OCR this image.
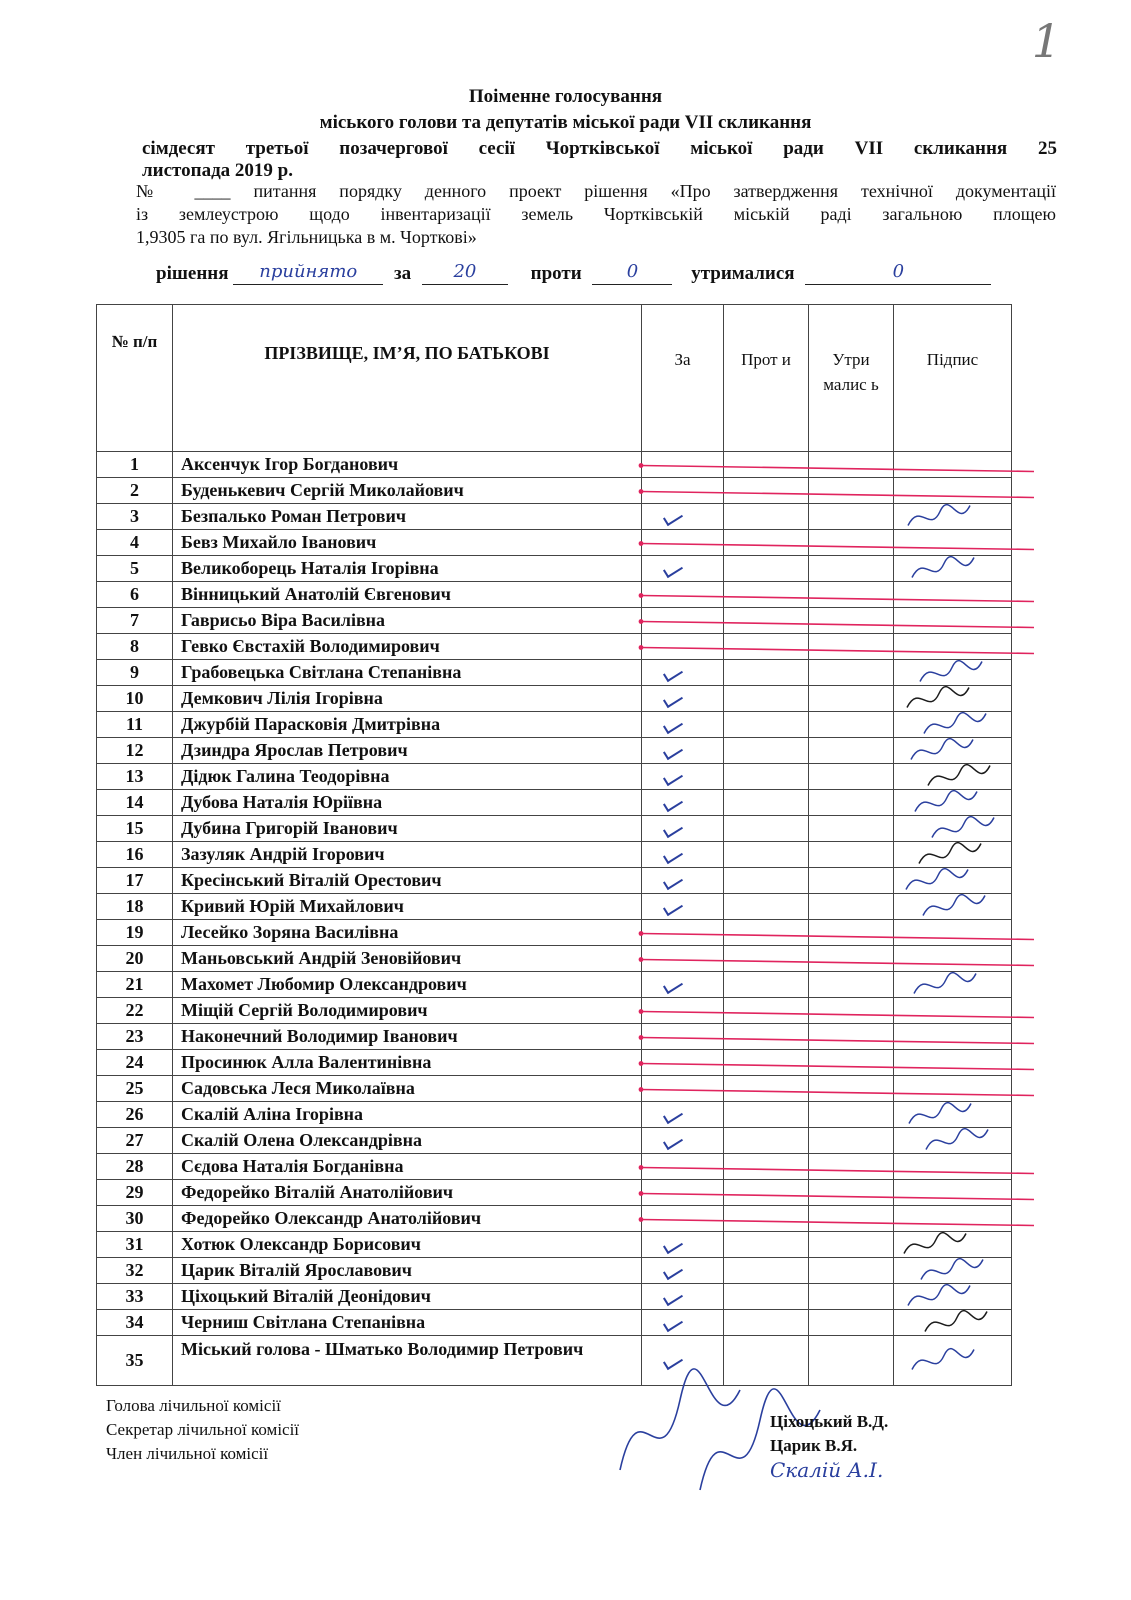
1
Поіменне голосування
міського голови та депутатів міської ради VII скликання
сімдесят третьої позачергової сесії Чортківської міської ради VII скликання 25
листопада 2019 р.
№ ____ питання порядку денного проект рішення «Про затвердження технічної документації
із землеустрою щодо інвентаризації земель Чортківській міській раді загальною площею
1,9305 га по вул. Ягільницька в м. Чорткові»
рішення прийнято за 20	проти	0	утрималися	0
№ п/п	ПРІЗВИЩЕ, ІМ’Я, ПО БАТЬКОВІ	За	Прот и	Утри малис ь	Підпис
1	Аксенчук Ігор Богданович				
2	Буденькевич Сергій Миколайович				
3	Безпалько Роман Петрович				
4	Бевз Михайло Іванович				
5	Великоборець Наталія Ігорівна				
6	Вінницький Анатолій Євгенович				
7	Гаврисьо Віра Василівна				
8	Гевко Євстахій Володимирович				
9	Грабовецька Світлана Степанівна				
10	Демкович Лілія Ігорівна				
11	Джурбій Парасковія Дмитрівна				
12	Дзиндра Ярослав Петрович				
13	Дідюк Галина Теодорівна				
14	Дубова Наталія Юріївна				
15	Дубина Григорій Іванович				
16	Зазуляк Андрій Ігорович				
17	Кресінський Віталій Орестович				
18	Кривий Юрій Михайлович				
19	Лесейко Зоряна Василівна				
20	Маньовський Андрій Зеновійович				
21	Махомет Любомир Олександрович				
22	Міщій Сергій Володимирович				
23	Наконечний Володимир Іванович				
24	Просинюк Алла Валентинівна				
25	Садовська Леся Миколаївна				
26	Скалій Аліна Ігорівна				
27	Скалій Олена Олександрівна				
28	Сєдова Наталія Богданівна				
29	Федорейко Віталій Анатолійович				
30	Федорейко Олександр Анатолійович				
31	Хотюк Олександр Борисович				
32	Царик Віталій Ярославович				
33	Ціхоцький Віталій Деонідович				
34	Черниш Світлана Степанівна				
35	Міський голова - Шматько Володимир Петрович				
Голова лічильної комісії
Секретар лічильної комісії
Член лічильної комісії
Ціхоцький В.Д.
Царик В.Я.
Скалій А.І.
